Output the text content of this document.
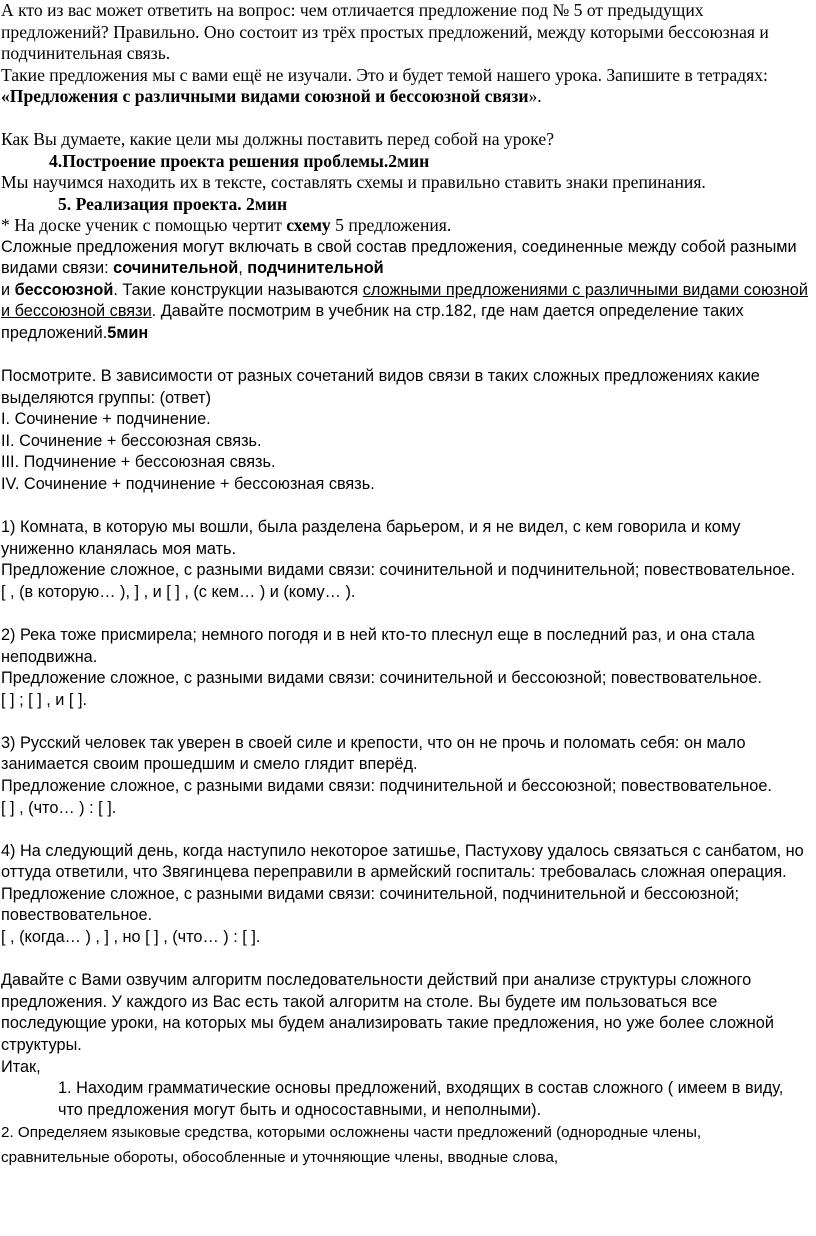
А кто из вас может ответить на вопрос: чем отличается предложение под № 5 от предыдущих предложений? Правильно. Оно состоит из трёх простых предложений, между которыми бессоюзная и подчинительная связь.

Такие предложения мы с вами ещё не изучали. Это и будет темой нашего урока. Запишите в тетрадях: «Предложения с различными видами союзной и бессоюзной связи».

Как Вы думаете, какие цели мы должны поставить перед собой на уроке?

4.Построение проекта решения проблемы.2мин

Мы научимся находить их в тексте, составлять схемы и правильно ставить знаки препинания.

5. Реализация проекта. 2мин

* На доске ученик с помощью чертит схему 5 предложения.

Сложные предложения могут включать в свой состав предложения, соединенные между собой разными видами связи: сочинительной, подчинительной

и бессоюзной. Такие конструкции называются сложными предложениями с различными видами союзной и бессоюзной связи. Давайте посмотрим в учебник на стр.182, где нам дается определение таких предложений.5мин

Посмотрите. В зависимости от разных сочетаний видов связи в таких сложных предложениях какие выделяются группы: (ответ)

I. Сочинение + подчинение.

II. Сочинение + бессоюзная связь.

III. Подчинение + бессоюзная связь.

IV. Сочинение + подчинение + бессоюзная связь.

1) Комната, в которую мы вошли, была разделена барьером, и я не видел, с кем говорила и кому униженно кланялась моя мать.

Предложение сложное, с разными видами связи: сочинительной и подчинительной; повествовательное.

[ , (в которую… ), ] , и [ ] , (с кем… ) и (кому… ).

2) Река тоже присмирела; немного погодя и в ней кто-то плеснул еще в последний раз, и она стала неподвижна.

Предложение сложное, с разными видами связи: сочинительной и бессоюзной; повествовательное.

[ ] ; [ ] , и [ ].

3) Русский человек так уверен в своей силе и крепости, что он не прочь и поломать себя: он мало занимается своим прошедшим и смело глядит вперёд.

Предложение сложное, с разными видами связи: подчинительной и бессоюзной; повествовательное.

[ ] , (что… ) : [ ].

4) На следующий день, когда наступило некоторое затишье, Пастухову удалось связаться с санбатом, но оттуда ответили, что Звягинцева переправили в армейский госпиталь: требовалась сложная операция.

Предложение сложное, с разными видами связи: сочинительной, подчинительной и бессоюзной; повествовательное.

[ , (когда… ) , ] , но [ ] , (что… ) : [ ].

Давайте с Вами озвучим алгоритм последовательности действий при анализе структуры сложного предложения. У каждого из Вас есть такой алгоритм на столе. Вы будете им пользоваться все последующие уроки, на которых мы будем анализировать такие предложения, но уже более сложной структуры.

Итак,

1. Находим грамматические основы предложений, входящих в состав сложного ( имеем в виду, что предложения могут быть и односоставными, и неполными).

2. Определяем языковые средства, которыми осложнены части предложений (однородные члены, сравнительные обороты, обособленные и уточняющие члены, вводные слова,
